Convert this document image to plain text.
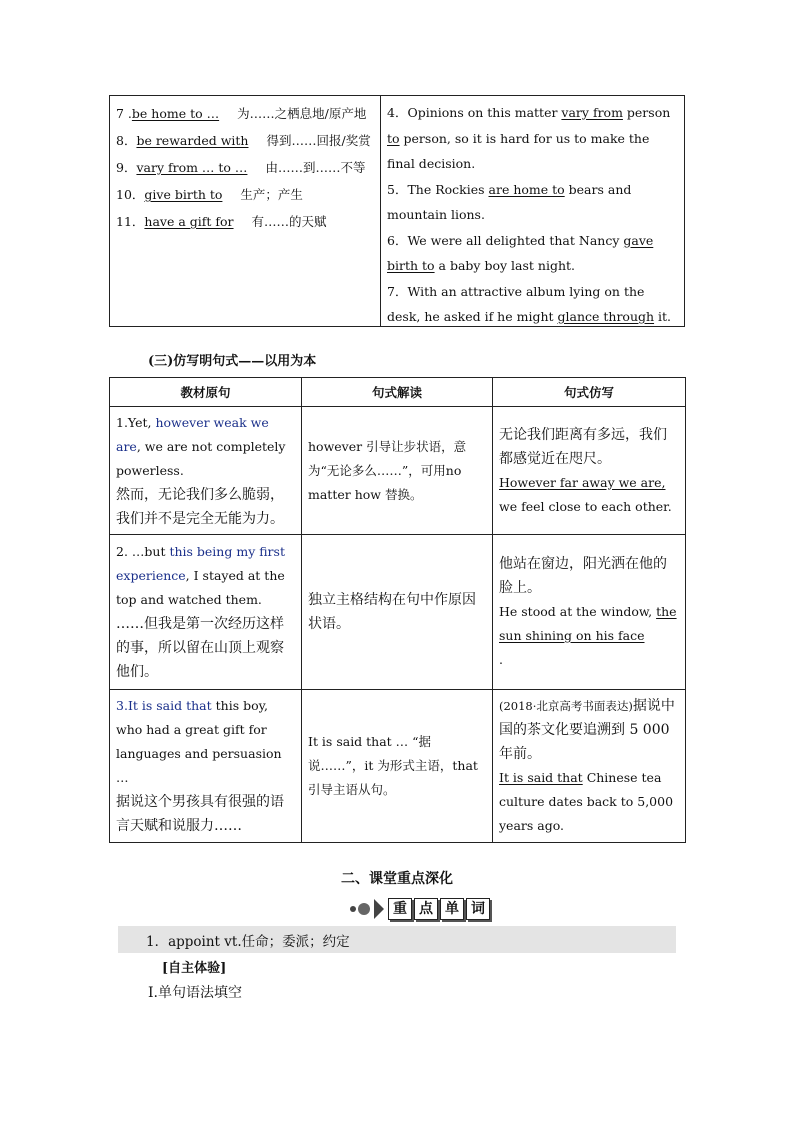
7 .be home to … 为……之栖息地/原产地
8．be rewarded with 得到……回报/奖赏
9．vary from … to … 由……到……不等
10．give birth to 生产；产生
11．have a gift for 有……的天赋
4．Opinions on this matter vary from person to person, so it is hard for us to make the final decision.
5．The Rockies are home to bears and mountain lions.
6．We were all delighted that Nancy gave birth to a baby boy last night.
7．With an attractive album lying on the desk, he asked if he might glance through it.
(三)仿写明句式——以用为本
教材原句	句式解读	句式仿写
1.Yet, however weak we are, we are not completely powerless.
然而，无论我们多么脆弱，我们并不是完全无能为力。	however 引导让步状语，意为“无论多么……”，可用no matter how 替换。	无论我们距离有多远，我们都感觉近在咫尺。
However far away we are, we feel close to each other.
2. …but this being my first experience, I stayed at the top and watched them.
……但我是第一次经历这样的事，所以留在山顶上观察他们。	独立主格结构在句中作原因状语。	他站在窗边，阳光洒在他的脸上。
He stood at the window, the sun shining on his face
.
3.It is said that this boy, who had a great gift for languages and persuasion …
据说这个男孩具有很强的语言天赋和说服力……	It is said that … “据说……”，it 为形式主语，that 引导主语从句。	(2018·北京高考书面表达)据说中国的茶文化要追溯到 5 000 年前。
It is said that Chinese tea culture dates back to 5,000 years ago.
二、课堂重点深化
重 点 单 词
1．appoint vt.任命；委派；约定
[自主体验]
Ⅰ.单句语法填空
